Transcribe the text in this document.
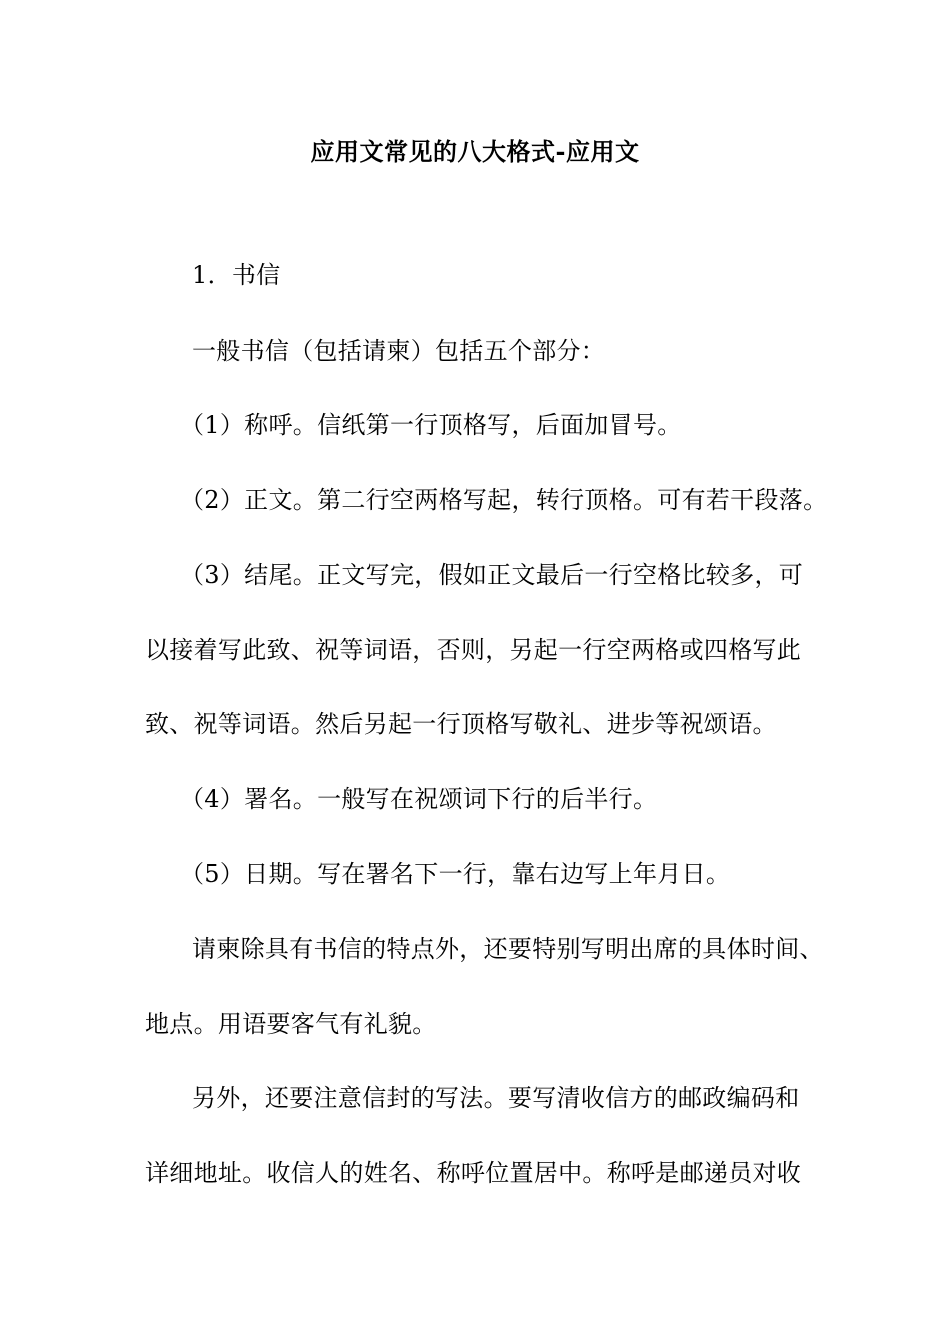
应用文常见的八大格式-应用文
1．书信
一般书信（包括请柬）包括五个部分：
（1）称呼。信纸第一行顶格写，后面加冒号。
（2）正文。第二行空两格写起，转行顶格。可有若干段落。
（3）结尾。正文写完，假如正文最后一行空格比较多，可
以接着写此致、祝等词语，否则，另起一行空两格或四格写此
致、祝等词语。然后另起一行顶格写敬礼、进步等祝颂语。
（4）署名。一般写在祝颂词下行的后半行。
（5）日期。写在署名下一行，靠右边写上年月日。
请柬除具有书信的特点外，还要特别写明出席的具体时间、
地点。用语要客气有礼貌。
另外，还要注意信封的写法。要写清收信方的邮政编码和
详细地址。收信人的姓名、称呼位置居中。称呼是邮递员对收
